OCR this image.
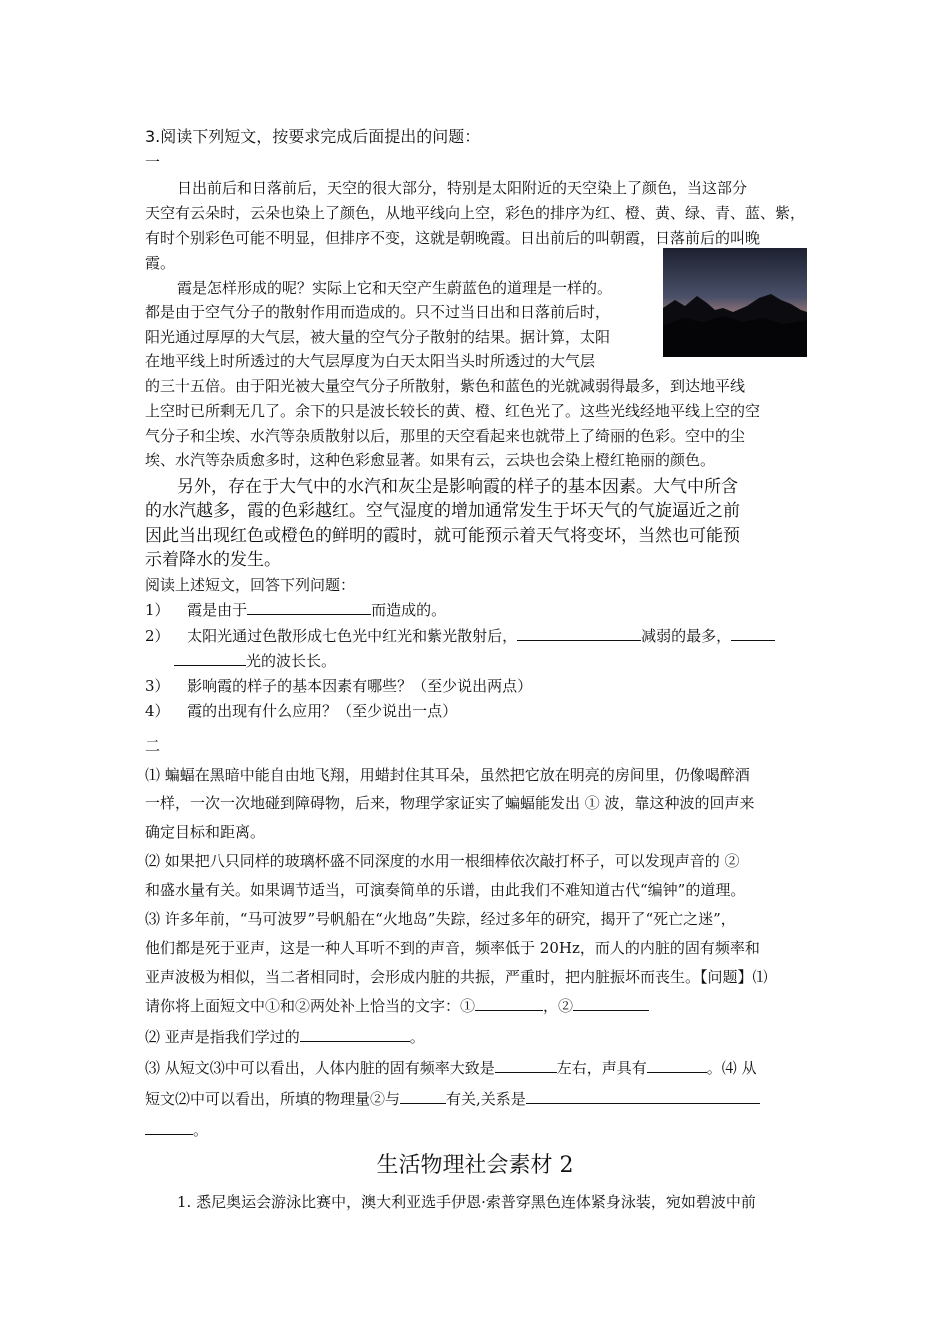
3.阅读下列短文，按要求完成后面提出的问题：
一
日出前后和日落前后，天空的很大部分，特别是太阳附近的天空染上了颜色，当这部分
天空有云朵时，云朵也染上了颜色，从地平线向上空，彩色的排序为红、橙、黄、绿、青、蓝、紫，
有时个别彩色可能不明显，但排序不变，这就是朝晚霞。日出前后的叫朝霞，日落前后的叫晚
霞。
霞是怎样形成的呢？实际上它和天空产生蔚蓝色的道理是一样的。
都是由于空气分子的散射作用而造成的。只不过当日出和日落前后时，
阳光通过厚厚的大气层，被大量的空气分子散射的结果。据计算，太阳
在地平线上时所透过的大气层厚度为白天太阳当头时所透过的大气层
的三十五倍。由于阳光被大量空气分子所散射，紫色和蓝色的光就减弱得最多，到达地平线
上空时已所剩无几了。余下的只是波长较长的黄、橙、红色光了。这些光线经地平线上空的空
气分子和尘埃、水汽等杂质散射以后，那里的天空看起来也就带上了绮丽的色彩。空中的尘
埃、水汽等杂质愈多时，这种色彩愈显著。如果有云，云块也会染上橙红艳丽的颜色。
另外，存在于大气中的水汽和灰尘是影响霞的样子的基本因素。大气中所含
的水汽越多，霞的色彩越红。空气湿度的增加通常发生于坏天气的气旋逼近之前
因此当出现红色或橙色的鲜明的霞时，就可能预示着天气将变坏，当然也可能预
示着降水的发生。
阅读上述短文，回答下列问题：
1） 霞是由于	而造成的。
2） 太阳光通过色散形成七色光中红光和紫光散射后，	减弱的最多，
光的波长长。
3） 影响霞的样子的基本因素有哪些？（至少说出两点）
4） 霞的出现有什么应用？（至少说出一点）
二
⑴ 蝙蝠在黑暗中能自由地飞翔，用蜡封住其耳朵，虽然把它放在明亮的房间里，仍像喝醉酒
一样，一次一次地碰到障碍物，后来，物理学家证实了蝙蝠能发出 ① 波，靠这种波的回声来
确定目标和距离。
⑵ 如果把八只同样的玻璃杯盛不同深度的水用一根细棒依次敲打杯子，可以发现声音的 ②
和盛水量有关。如果调节适当，可演奏简单的乐谱，由此我们不难知道古代“编钟”的道理。
⑶ 许多年前，“马可波罗”号帆船在“火地岛”失踪，经过多年的研究，揭开了“死亡之迷”，
他们都是死于亚声，这是一种人耳听不到的声音，频率低于 20Hz，而人的内脏的固有频率和
亚声波极为相似，当二者相同时，会形成内脏的共振，严重时，把内脏振坏而丧生。【问题】⑴
请你将上面短文中①和②两处补上恰当的文字：①	，②
⑵ 亚声是指我们学过的	。
⑶ 从短文⑶中可以看出，人体内脏的固有频率大致是	左右，声具有	。⑷ 从
短文⑵中可以看出，所填的物理量②与	有关,关系是
。
生活物理社会素材 2
1. 悉尼奥运会游泳比赛中，澳大利亚选手伊恩·索普穿黑色连体紧身泳装，宛如碧波中前
